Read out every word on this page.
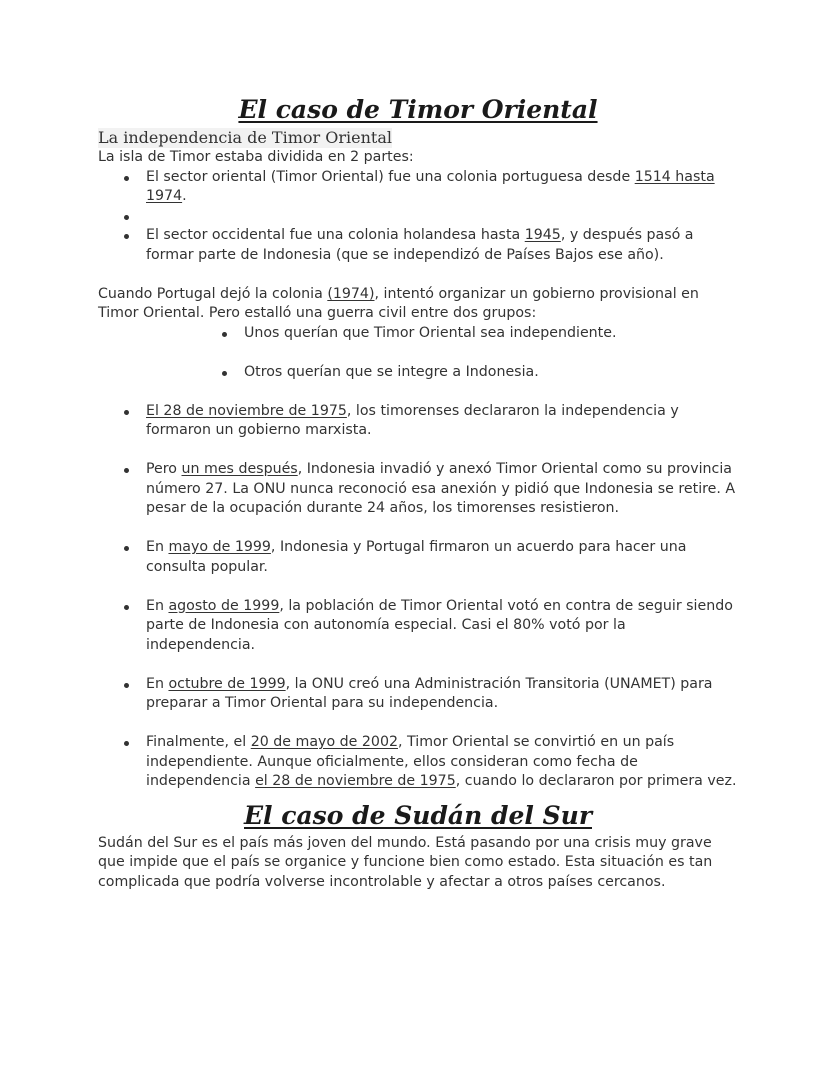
El caso de Timor Oriental
La independencia de Timor Oriental

La isla de Timor estaba dividida en 2 partes:

El sector oriental (Timor Oriental) fue una colonia portuguesa desde 1514 hasta 1974.
El sector occidental fue una colonia holandesa hasta 1945, y después pasó a formar parte de Indonesia (que se independizó de Países Bajos ese año).

Cuando Portugal dejó la colonia (1974), intentó organizar un gobierno provisional en Timor Oriental. Pero estalló una guerra civil entre dos grupos:

Unos querían que Timor Oriental sea independiente.
Otros querían que se integre a Indonesia.
El 28 de noviembre de 1975, los timorenses declararon la independencia y formaron un gobierno marxista.
Pero un mes después, Indonesia invadió y anexó Timor Oriental como su provincia número 27. La ONU nunca reconoció esa anexión y pidió que Indonesia se retire. A pesar de la ocupación durante 24 años, los timorenses resistieron.
En mayo de 1999, Indonesia y Portugal firmaron un acuerdo para hacer una consulta popular.
En agosto de 1999, la población de Timor Oriental votó en contra de seguir siendo parte de Indonesia con autonomía especial. Casi el 80% votó por la independencia.
En octubre de 1999, la ONU creó una Administración Transitoria (UNAMET) para preparar a Timor Oriental para su independencia.
Finalmente, el 20 de mayo de 2002, Timor Oriental se convirtió en un país independiente. Aunque oficialmente, ellos consideran como fecha de independencia el 28 de noviembre de 1975, cuando lo declararon por primera vez.
El caso de Sudán del Sur

Sudán del Sur es el país más joven del mundo. Está pasando por una crisis muy grave que impide que el país se organice y funcione bien como estado. Esta situación es tan complicada que podría volverse incontrolable y afectar a otros países cercanos.
